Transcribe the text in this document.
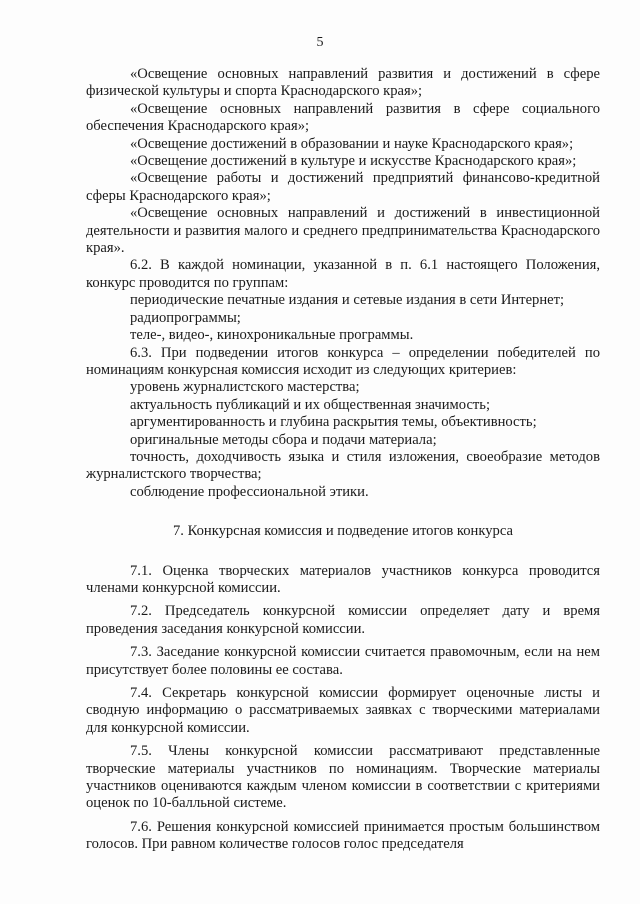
5

«Освещение основных направлений развития и достижений в сфере физической культуры и спорта Краснодарского края»;

«Освещение основных направлений развития в сфере социального обеспечения Краснодарского края»;

«Освещение достижений в образовании и науке Краснодарского края»;

«Освещение достижений в культуре и искусстве Краснодарского края»;

«Освещение работы и достижений предприятий финансово-кредитной сферы Краснодарского края»;

«Освещение основных направлений и достижений в инвестиционной деятельности и развития малого и среднего предпринимательства Краснодарского края».

6.2. В каждой номинации, указанной в п. 6.1 настоящего Положения, конкурс проводится по группам:

периодические печатные издания и сетевые издания в сети Интернет;

радиопрограммы;

теле-, видео-, кинохроникальные программы.

6.3. При подведении итогов конкурса – определении победителей по номинациям конкурсная комиссия исходит из следующих критериев:

уровень журналистского мастерства;

актуальность публикаций и их общественная значимость;

аргументированность и глубина раскрытия темы, объективность;

оригинальные методы сбора и подачи материала;

точность, доходчивость языка и стиля изложения, своеобразие методов журналистского творчества;

соблюдение профессиональной этики.

7. Конкурсная комиссия и подведение итогов конкурса

7.1. Оценка творческих материалов участников конкурса проводится членами конкурсной комиссии.

7.2. Председатель конкурсной комиссии определяет дату и время проведения заседания конкурсной комиссии.

7.3. Заседание конкурсной комиссии считается правомочным, если на нем присутствует более половины ее состава.

7.4. Секретарь конкурсной комиссии формирует оценочные листы и сводную информацию о рассматриваемых заявках с творческими материалами для конкурсной комиссии.

7.5. Члены конкурсной комиссии рассматривают представленные творческие материалы участников по номинациям. Творческие материалы участников оцениваются каждым членом комиссии в соответствии с критериями оценок по 10-балльной системе.

7.6. Решения конкурсной комиссией принимается простым большинством голосов. При равном количестве голосов голос председателя
